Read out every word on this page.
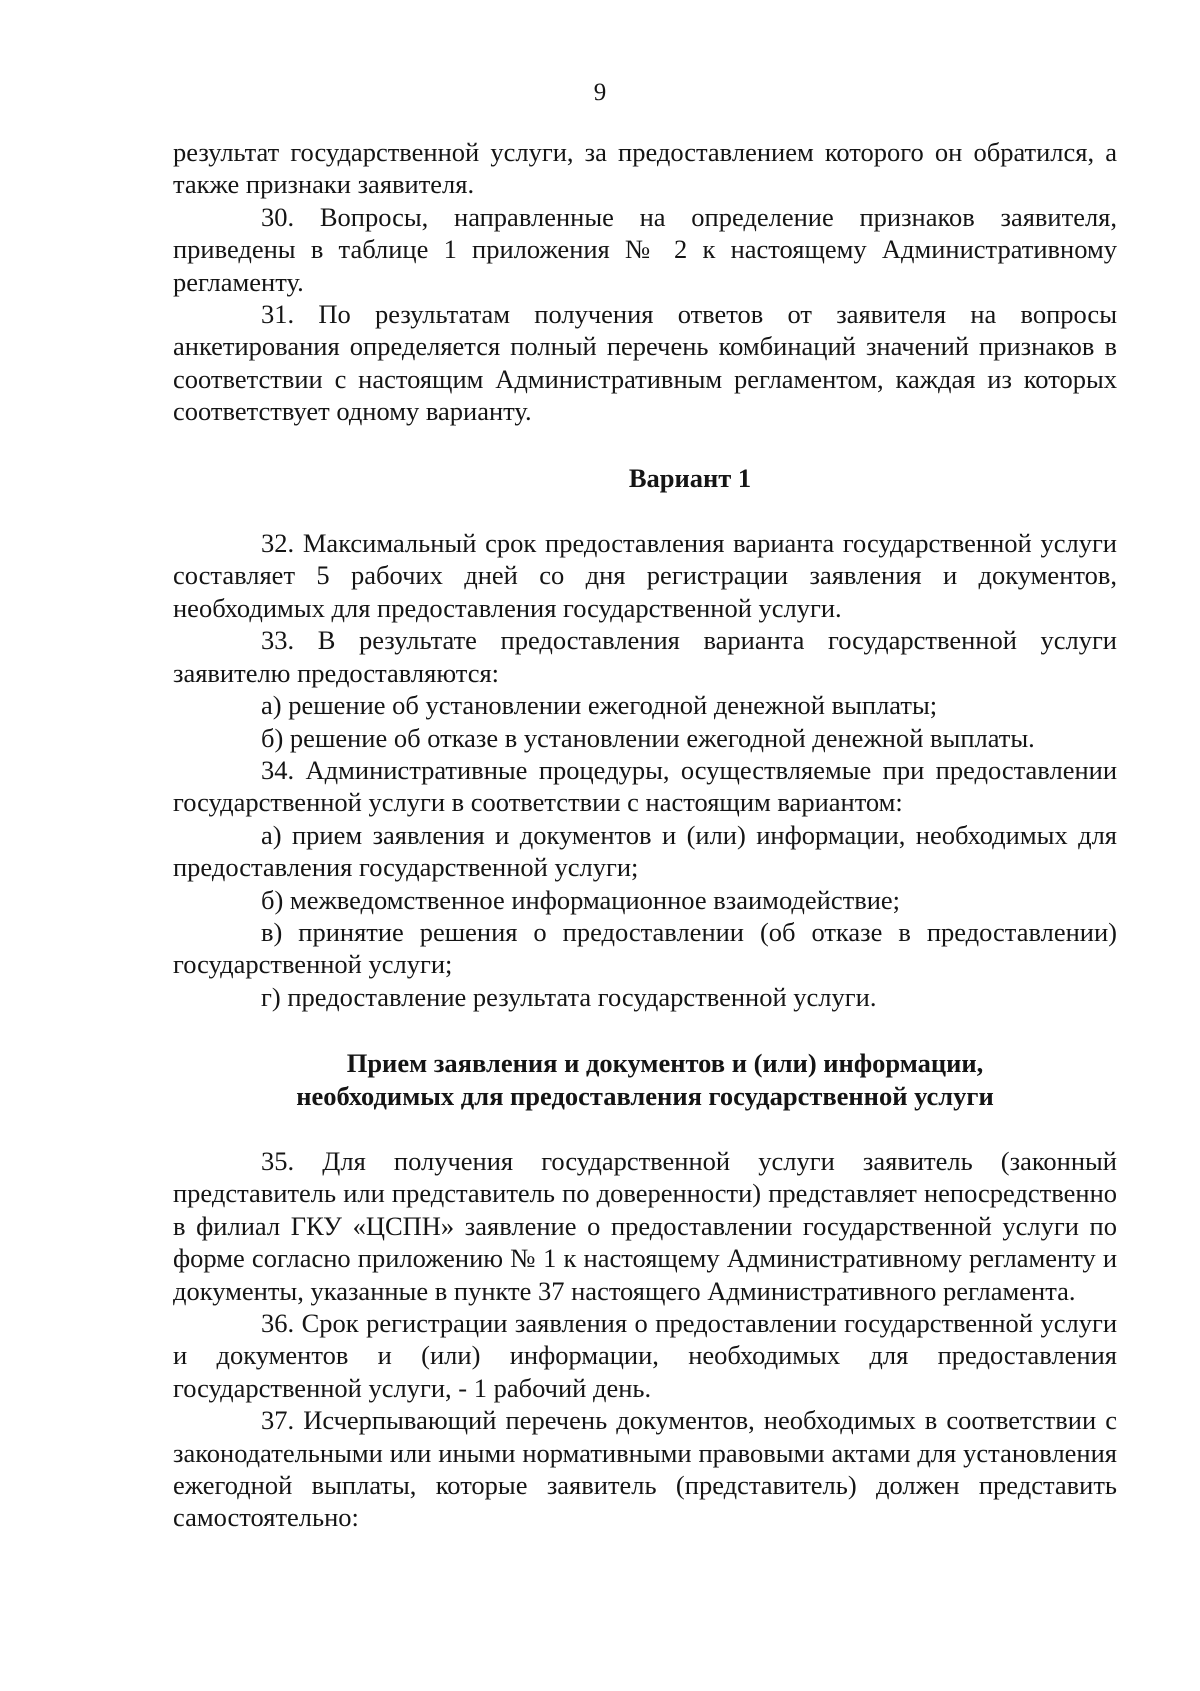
9

результат государственной услуги, за предоставлением которого он обратился, а также признаки заявителя.

30. Вопросы, направленные на определение признаков заявителя, приведены в таблице 1 приложения № 2 к настоящему Административному регламенту.

31. По результатам получения ответов от заявителя на вопросы анкетирования определяется полный перечень комбинаций значений признаков в соответствии с настоящим Административным регламентом, каждая из которых соответствует одному варианту.

Вариант 1

32. Максимальный срок предоставления варианта государственной услуги составляет 5 рабочих дней со дня регистрации заявления и документов, необходимых для предоставления государственной услуги.

33. В результате предоставления варианта государственной услуги заявителю предоставляются:

а) решение об установлении ежегодной денежной выплаты;

б) решение об отказе в установлении ежегодной денежной выплаты.

34. Административные процедуры, осуществляемые при предоставлении государственной услуги в соответствии с настоящим вариантом:

а) прием заявления и документов и (или) информации, необходимых для предоставления государственной услуги;

б) межведомственное информационное взаимодействие;

в) принятие решения о предоставлении (об отказе в предоставлении) государственной услуги;

г) предоставление результата государственной услуги.

Прием заявления и документов и (или) информации,

необходимых для предоставления государственной услуги

35. Для получения государственной услуги заявитель (законный представитель или представитель по доверенности) представляет непосредственно в филиал ГКУ «ЦСПН» заявление о предоставлении государственной услуги по форме согласно приложению № 1 к настоящему Административному регламенту и документы, указанные в пункте 37 настоящего Административного регламента.

36. Срок регистрации заявления о предоставлении государственной услуги и документов и (или) информации, необходимых для предоставления государственной услуги, - 1 рабочий день.

37. Исчерпывающий перечень документов, необходимых в соответствии с законодательными или иными нормативными правовыми актами для установления ежегодной выплаты, которые заявитель (представитель) должен представить самостоятельно:
